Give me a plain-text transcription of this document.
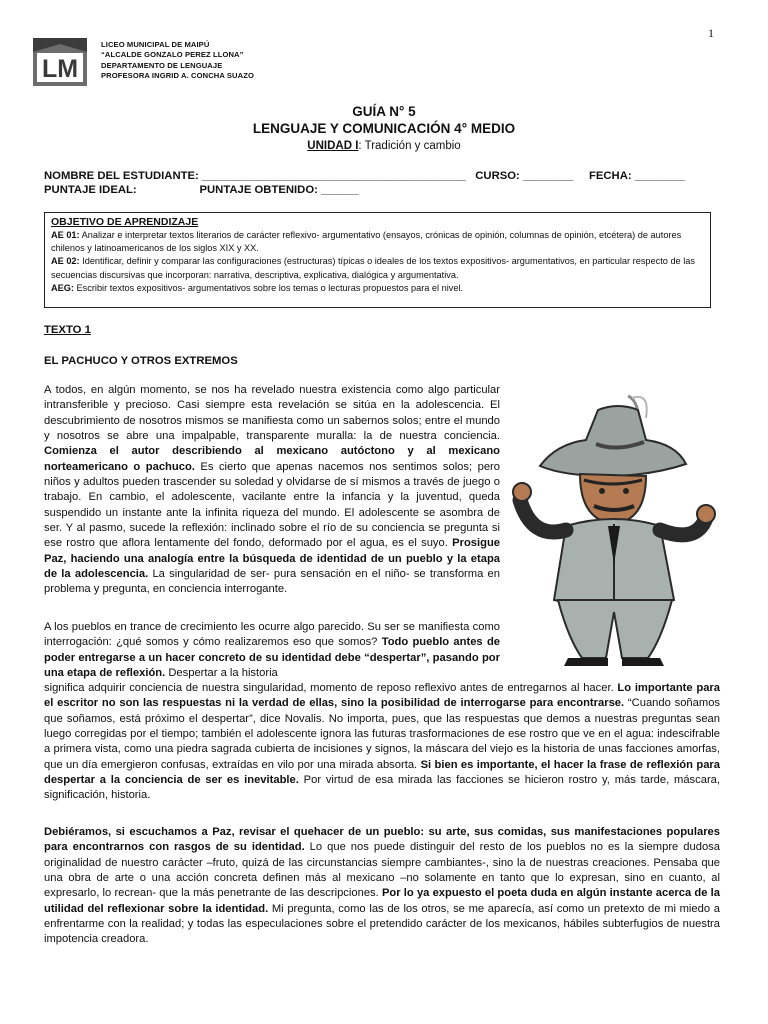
1
LM
LICEO MUNICIPAL DE MAIPÚ
“ALCALDE GONZALO PEREZ LLONA”
DEPARTAMENTO DE LENGUAJE
PROFESORA INGRID A. CONCHA SUAZO
GUÍA N° 5
LENGUAJE Y COMUNICACIÓN 4° MEDIO
UNIDAD I: Tradición y cambio
NOMBRE DEL ESTUDIANTE: __________________________________________ CURSO: ________ FECHA: ________
PUNTAJE IDEAL:	PUNTAJE OBTENIDO: ______
OBJETIVO DE APRENDIZAJE
AE 01: Analizar e interpretar textos literarios de carácter reflexivo- argumentativo (ensayos, crónicas de opinión, columnas de opinión, etcétera) de autores chilenos y latinoamericanos de los siglos XIX y XX.
AE 02: Identificar, definir y comparar las configuraciones (estructuras) típicas o ideales de los textos expositivos- argumentativos, en particular respecto de las secuencias discursivas que incorporan: narrativa, descriptiva, explicativa, dialógica y argumentativa.
AEG: Escribir textos expositivos- argumentativos sobre los temas o lecturas propuestos para el nivel.
TEXTO 1
EL PACHUCO Y OTROS EXTREMOS
A todos, en algún momento, se nos ha revelado nuestra existencia como algo particular intransferible y precioso. Casi siempre esta revelación se sitúa en la adolescencia. El descubrimiento de nosotros mismos se manifiesta como un sabernos solos; entre el mundo y nosotros se abre una impalpable, transparente muralla: la de nuestra conciencia. Comienza el autor describiendo al mexicano autóctono y al mexicano norteamericano o pachuco. Es cierto que apenas nacemos nos sentimos solos; pero niños y adultos pueden trascender su soledad y olvidarse de sí mismos a través de juego o trabajo. En cambio, el adolescente, vacilante entre la infancia y la juventud, queda suspendido un instante ante la infinita riqueza del mundo. El adolescente se asombra de ser. Y al pasmo, sucede la reflexión: inclinado sobre el río de su conciencia se pregunta si ese rostro que aflora lentamente del fondo, deformado por el agua, es el suyo. Prosigue Paz, haciendo una analogía entre la búsqueda de identidad de un pueblo y la etapa de la adolescencia. La singularidad de ser- pura sensación en el niño- se transforma en problema y pregunta, en conciencia interrogante.
A los pueblos en trance de crecimiento les ocurre algo parecido. Su ser se manifiesta como interrogación: ¿qué somos y cómo realizaremos eso que somos? Todo pueblo antes de poder entregarse a un hacer concreto de su identidad debe “despertar”, pasando por una etapa de reflexión. Despertar a la historia
significa adquirir conciencia de nuestra singularidad, momento de reposo reflexivo antes de entregarnos al hacer. Lo importante para el escritor no son las respuestas ni la verdad de ellas, sino la posibilidad de interrogarse para encontrarse. “Cuando soñamos que soñamos, está próximo el despertar”, dice Novalis. No importa, pues, que las respuestas que demos a nuestras preguntas sean luego corregidas por el tiempo; también el adolescente ignora las futuras trasformaciones de ese rostro que ve en el agua: indescifrable a primera vista, como una piedra sagrada cubierta de incisiones y signos, la máscara del viejo es la historia de unas facciones amorfas, que un día emergieron confusas, extraídas en vilo por una mirada absorta. Si bien es importante, el hacer la frase de reflexión para despertar a la conciencia de ser es inevitable. Por virtud de esa mirada las facciones se hicieron rostro y, más tarde, máscara, significación, historia.
Debiéramos, si escuchamos a Paz, revisar el quehacer de un pueblo: su arte, sus comidas, sus manifestaciones populares para encontrarnos con rasgos de su identidad. Lo que nos puede distinguir del resto de los pueblos no es la siempre dudosa originalidad de nuestro carácter –fruto, quizá de las circunstancias siempre cambiantes-, sino la de nuestras creaciones. Pensaba que una obra de arte o una acción concreta definen más al mexicano –no solamente en tanto que lo expresan, sino en cuanto, al expresarlo, lo recrean- que la más penetrante de las descripciones. Por lo ya expuesto el poeta duda en algún instante acerca de la utilidad del reflexionar sobre la identidad. Mi pregunta, como las de los otros, se me aparecía, así como un pretexto de mi miedo a enfrentarme con la realidad; y todas las especulaciones sobre el pretendido carácter de los mexicanos, hábiles subterfugios de nuestra impotencia creadora.
